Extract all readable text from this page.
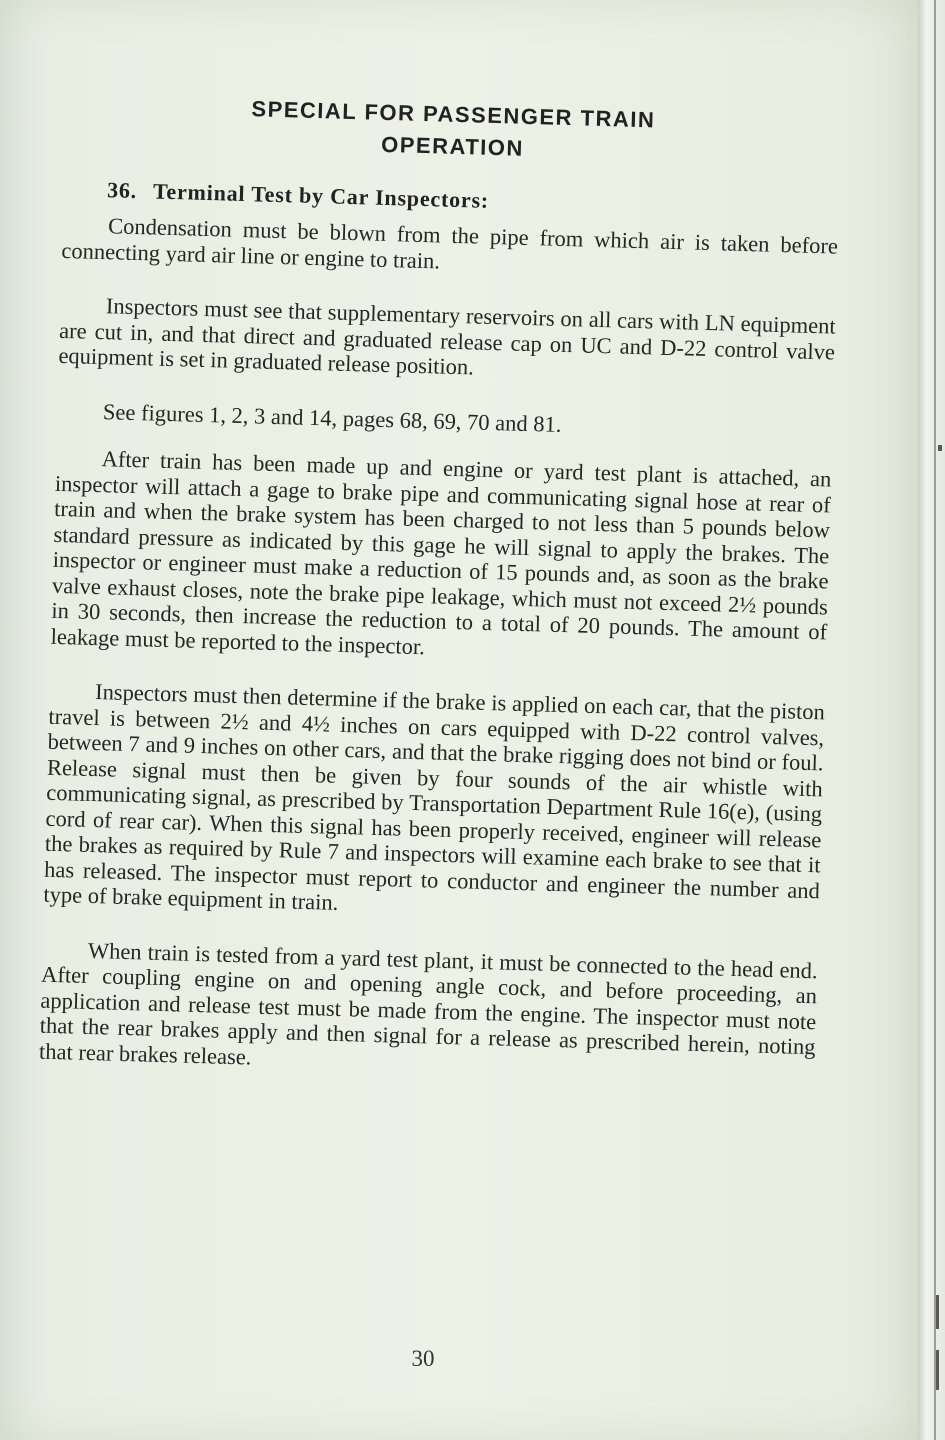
SPECIAL FOR PASSENGER TRAIN
OPERATION
36. Terminal Test by Car Inspectors:

Condensation must be blown from the pipe from which air is taken before connecting yard air line or engine to train.

Inspectors must see that supplementary reservoirs on all cars with LN equipment are cut in, and that direct and graduated release cap on UC and D-22 control valve equipment is set in graduated release position.

See figures 1, 2, 3 and 14, pages 68, 69, 70 and 81.

After train has been made up and engine or yard test plant is attached, an inspector will attach a gage to brake pipe and communicating signal hose at rear of train and when the brake system has been charged to not less than 5 pounds below standard pressure as indicated by this gage he will signal to apply the brakes. The inspector or engineer must make a reduction of 15 pounds and, as soon as the brake valve exhaust closes, note the brake pipe leakage, which must not exceed 2½ pounds in 30 seconds, then increase the reduction to a total of 20 pounds. The amount of leakage must be reported to the inspector.

Inspectors must then determine if the brake is applied on each car, that the piston travel is between 2½ and 4½ inches on cars equipped with D-22 control valves, between 7 and 9 inches on other cars, and that the brake rigging does not bind or foul. Release signal must then be given by four sounds of the air whistle with communicating signal, as prescribed by Transportation Department Rule 16(e), (using cord of rear car). When this signal has been properly received, engineer will release the brakes as required by Rule 7 and inspectors will examine each brake to see that it has released. The inspector must report to conductor and engineer the number and type of brake equipment in train.

When train is tested from a yard test plant, it must be connected to the head end. After coupling engine on and opening angle cock, and before proceeding, an application and release test must be made from the engine. The inspector must note that the rear brakes apply and then signal for a release as prescribed herein, noting that rear brakes release.

30
